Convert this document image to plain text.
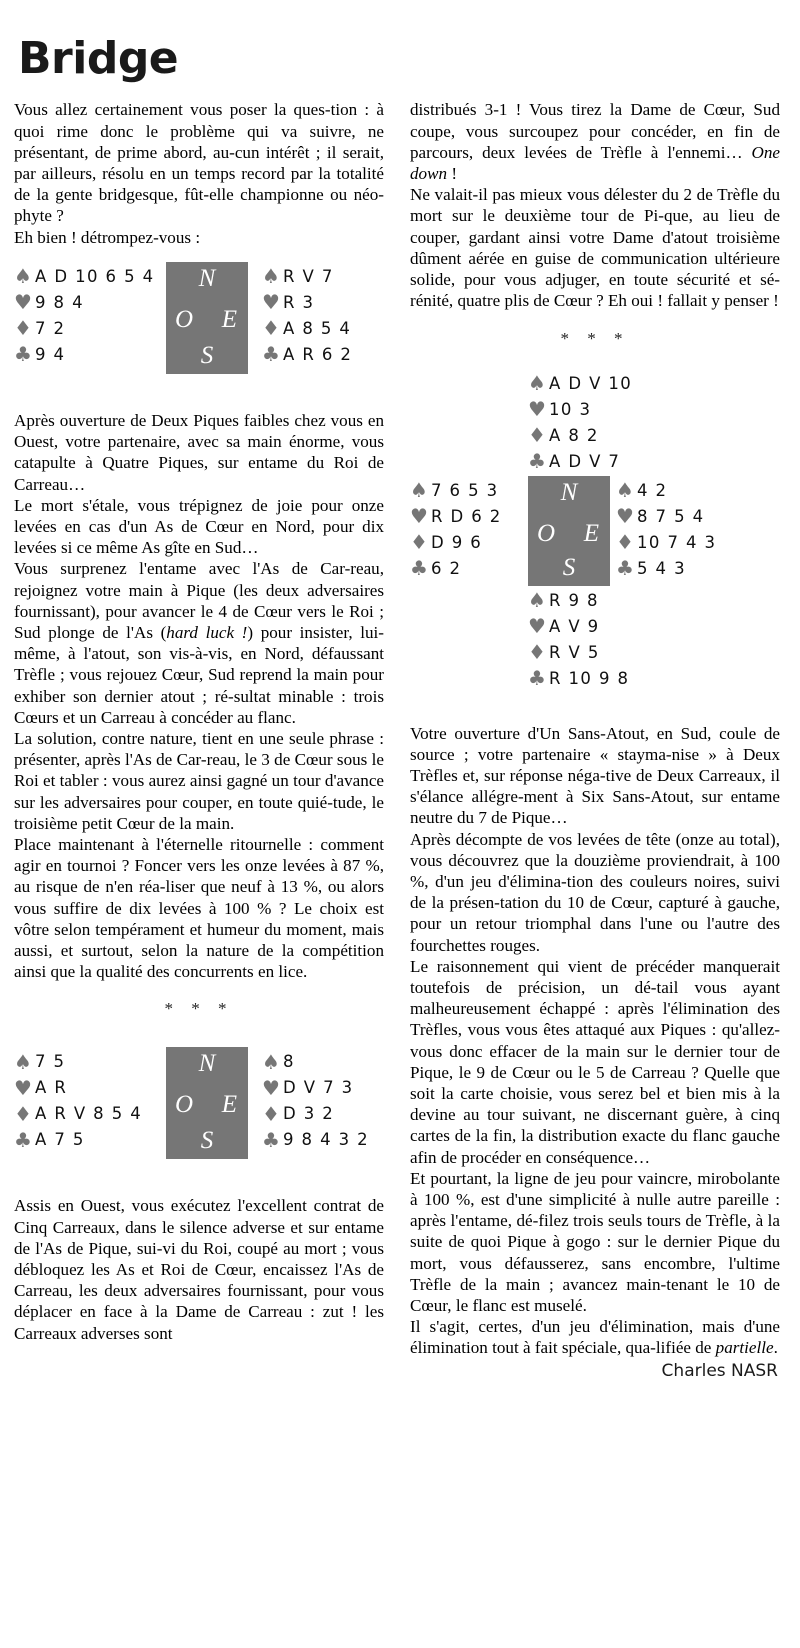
Bridge

Vous allez certainement vous poser la ques-tion : à quoi rime donc le problème qui va suivre, ne présentant, de prime abord, au-cun intérêt ; il serait, par ailleurs, résolu en un temps record par la totalité de la gente bridgesque, fût-elle championne ou néo-phyte ?
Eh bien ! détrompez-vous :

♠ A D 10 6 5 4
♥ 9 8 4
♦ 7 2
♣ 9 4
N
O E
S
♠ R V 7
♥ R 3
♦ A 8 5 4
♣ A R 6 2

Après ouverture de Deux Piques faibles chez vous en Ouest, votre partenaire, avec sa main énorme, vous catapulte à Quatre Piques, sur entame du Roi de Carreau…
Le mort s'étale, vous trépignez de joie pour onze levées en cas d'un As de Cœur en Nord, pour dix levées si ce même As gîte en Sud…

Vous surprenez l'entame avec l'As de Car-reau, rejoignez votre main à Pique (les deux adversaires fournissant), pour avancer le 4 de Cœur vers le Roi ; Sud plonge de l'As (hard luck !) pour insister, lui-même, à l'atout, son vis-à-vis, en Nord, défaussant Trèfle ; vous rejouez Cœur, Sud reprend la main pour exhiber son dernier atout ; ré-sultat minable : trois Cœurs et un Carreau à concéder au flanc.

La solution, contre nature, tient en une seule phrase : présenter, après l'As de Car-reau, le 3 de Cœur sous le Roi et tabler : vous aurez ainsi gagné un tour d'avance sur les adversaires pour couper, en toute quié-tude, le troisième petit Cœur de la main.

Place maintenant à l'éternelle ritournelle : comment agir en tournoi ? Foncer vers les onze levées à 87 %, au risque de n'en réa-liser que neuf à 13 %, ou alors vous suffire de dix levées à 100 % ? Le choix est vôtre selon tempérament et humeur du moment, mais aussi, et surtout, selon la nature de la compétition ainsi que la qualité des concurrents en lice.

* * *
♠ 7 5
♥ A R
♦ A R V 8 5 4
♣ A 7 5
N
O E
S
♠ 8
♥ D V 7 3
♦ D 3 2
♣ 9 8 4 3 2

Assis en Ouest, vous exécutez l'excellent contrat de Cinq Carreaux, dans le silence adverse et sur entame de l'As de Pique, sui-vi du Roi, coupé au mort ; vous débloquez les As et Roi de Cœur, encaissez l'As de Carreau, les deux adversaires fournissant, pour vous déplacer en face à la Dame de Carreau : zut ! les Carreaux adverses sont

distribués 3-1 ! Vous tirez la Dame de Cœur, Sud coupe, vous surcoupez pour concéder, en fin de parcours, deux levées de Trèfle à l'ennemi… One down !

Ne valait-il pas mieux vous délester du 2 de Trèfle du mort sur le deuxième tour de Pi-que, au lieu de couper, gardant ainsi votre Dame d'atout troisième dûment aérée en guise de communication ultérieure solide, pour vous adjuger, en toute sécurité et sé-rénité, quatre plis de Cœur ? Eh oui ! fallait y penser !

* * *
♠ A D V 10
♥ 10 3
♦ A 8 2
♣ A D V 7
♠ 7 6 5 3
♥ R D 6 2
♦ D 9 6
♣ 6 2
N
O E
S
♠ 4 2
♥ 8 7 5 4
♦ 10 7 4 3
♣ 5 4 3
♠ R 9 8
♥ A V 9
♦ R V 5
♣ R 10 9 8

Votre ouverture d'Un Sans-Atout, en Sud, coule de source ; votre partenaire « stayma-nise » à Deux Trèfles et, sur réponse néga-tive de Deux Carreaux, il s'élance allégre-ment à Six Sans-Atout, sur entame neutre du 7 de Pique…

Après décompte de vos levées de tête (onze au total), vous découvrez que la douzième proviendrait, à 100 %, d'un jeu d'élimina-tion des couleurs noires, suivi de la présen-tation du 10 de Cœur, capturé à gauche, pour un retour triomphal dans l'une ou l'autre des fourchettes rouges.

Le raisonnement qui vient de précéder manquerait toutefois de précision, un dé-tail vous ayant malheureusement échappé : après l'élimination des Trèfles, vous vous êtes attaqué aux Piques : qu'allez-vous donc effacer de la main sur le dernier tour de Pique, le 9 de Cœur ou le 5 de Carreau ? Quelle que soit la carte choisie, vous serez bel et bien mis à la devine au tour suivant, ne discernant guère, à cinq cartes de la fin, la distribution exacte du flanc gauche afin de procéder en conséquence…

Et pourtant, la ligne de jeu pour vaincre, mirobolante à 100 %, est d'une simplicité à nulle autre pareille : après l'entame, dé-filez trois seuls tours de Trèfle, à la suite de quoi Pique à gogo : sur le dernier Pique du mort, vous défausserez, sans encombre, l'ultime Trèfle de la main ; avancez main-tenant le 10 de Cœur, le flanc est muselé.

Il s'agit, certes, d'un jeu d'élimination, mais d'une élimination tout à fait spéciale, qua-lifiée de partielle.

Charles NASR
